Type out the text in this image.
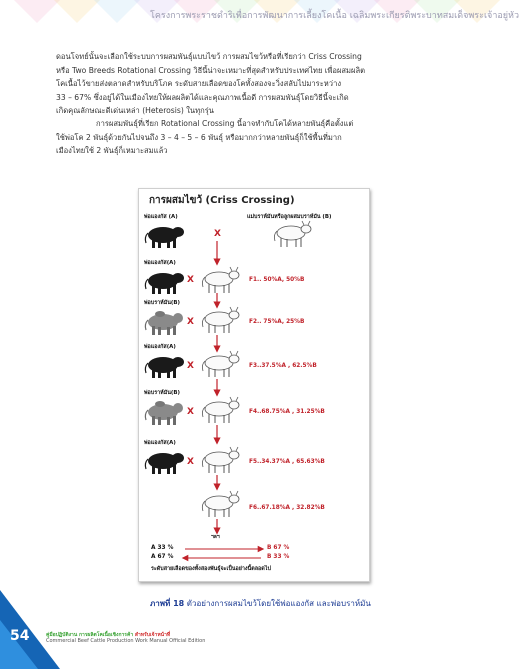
โครงการพระราชดำริเพื่อการพัฒนาการเลี้ยงโคเนื้อ เฉลิมพระเกียรติพระบาทสมเด็จพระเจ้าอยู่หัว
ดอนโจทย์นั้นจะเลือกใช้ระบบการผสมพันธุ์แบบไขว้ การผสมไขว้หรือที่เรียกว่า Criss Crossing
หรือ Two Breeds Rotational Crossing วิธีนี้น่าจะเหมาะที่สุดสำหรับประเทศไทย เพื่อผสมผลิต
โคเนื้อไว้ขายส่งตลาดสำหรับบริโภค ระดับสายเลือดของโคทั้งสองจะวิ่งสลับไปมาระหว่าง
33 – 67% ซึ่งอยู่ได้ในเมืองไทยให้ผลผลิตได้และคุณภาพเนื้อดี การผสมพันธุ์โดยวิธีนี้จะเกิด
เกิดคุณลักษณะดีเด่นเหล่า (Heterosis) ในทุกรุ่น
การผสมพันธุ์ที่เรียก Rotational Crossing นี้อาจทำกับโคได้หลายพันธุ์คือตั้งแต่
ใช้พ่อโค 2 พันธุ์ด้วยกันไปจนถึง 3 – 4 – 5 – 6 พันธุ์ หรือมากกว่าหลายพันธุ์ก็ใช้พื้นที่มาก
เมืองไทยใช้ 2 พันธุ์ก็เหมาะสมแล้ว
การผสมไขว้ (Criss Crossing)
พ่อแองกัส (A)	แม่บราห์มันหรือลูกผสมบราห์มัน (B)
X
พ่อแองกัส(A)
X	F1.. 50%A, 50%B
พ่อบราห์มัน(B)
X	F2.. 75%A, 25%B
พ่อแองกัส(A)
X	F3..37.5%A , 62.5%B
พ่อบราห์มัน(B)
X	F4..68.75%A , 31.25%B
พ่อแองกัส(A)
X	F5..34.37%A , 65.63%B
F6..67.18%A , 32.82%B
ฯลฯ
A 33 %	B 67 %
A 67 %	B 33 %
ระดับสายเลือดของทั้งสองพันธุ์จะเป็นอย่างนี้ตลอดไป
ภาพที่ 18 ตัวอย่างการผสมไขว้โดยใช้พ่อแองกัส และพ่อบราห์มัน
54	คู่มือปฏิบัติงาน การผลิตโคเนื้อเชิงการค้า สำหรับเจ้าหน้าที่
Commercial Beef Cattle Production Work Manual Official Edition
